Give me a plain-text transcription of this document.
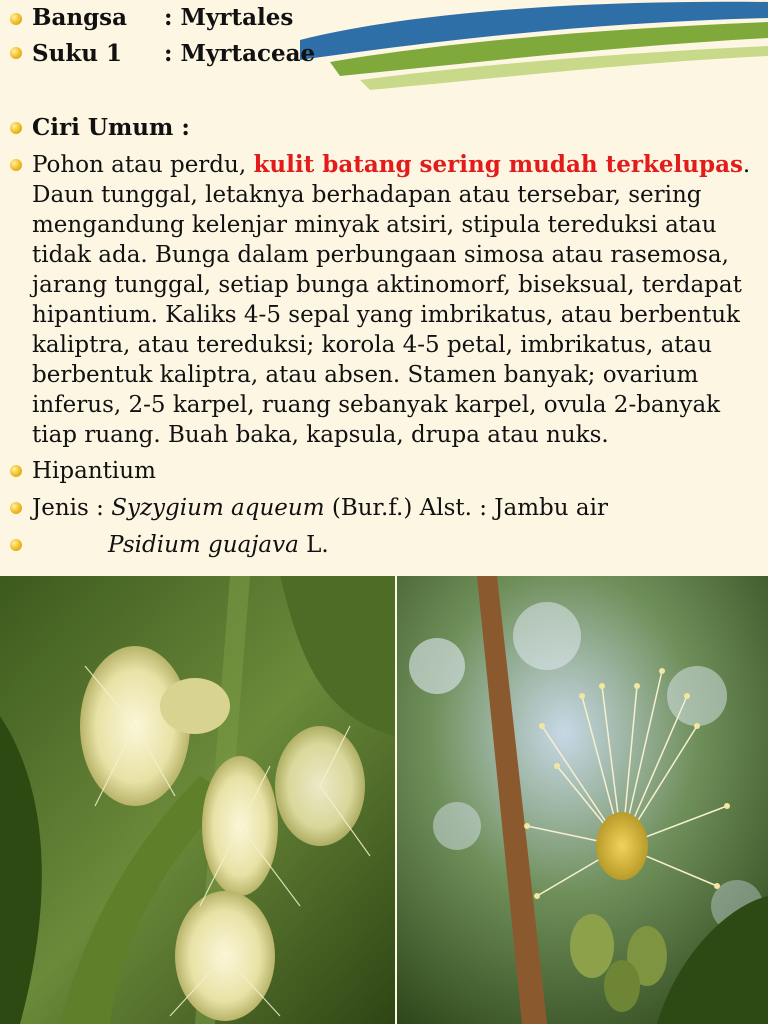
Bangsa : Myrtales
Suku 1 : Myrtaceae
Ciri Umum :
Pohon atau perdu, kulit batang sering mudah terkelupas.
Daun tunggal, letaknya berhadapan atau tersebar, sering
mengandung kelenjar minyak atsiri, stipula tereduksi atau
tidak ada. Bunga dalam perbungaan simosa atau rasemosa,
jarang tunggal, setiap bunga aktinomorf, biseksual, terdapat
hipantium. Kaliks 4-5 sepal yang imbrikatus, atau berbentuk
kaliptra, atau tereduksi; korola 4-5 petal, imbrikatus, atau
berbentuk kaliptra, atau absen. Stamen banyak; ovarium
inferus, 2-5 karpel, ruang sebanyak karpel, ovula 2-banyak
tiap ruang. Buah baka, kapsula, drupa atau nuks.
Hipantium
Jenis : Syzygium aqueum (Bur.f.) Alst. : Jambu air
Psidium guajava L.
